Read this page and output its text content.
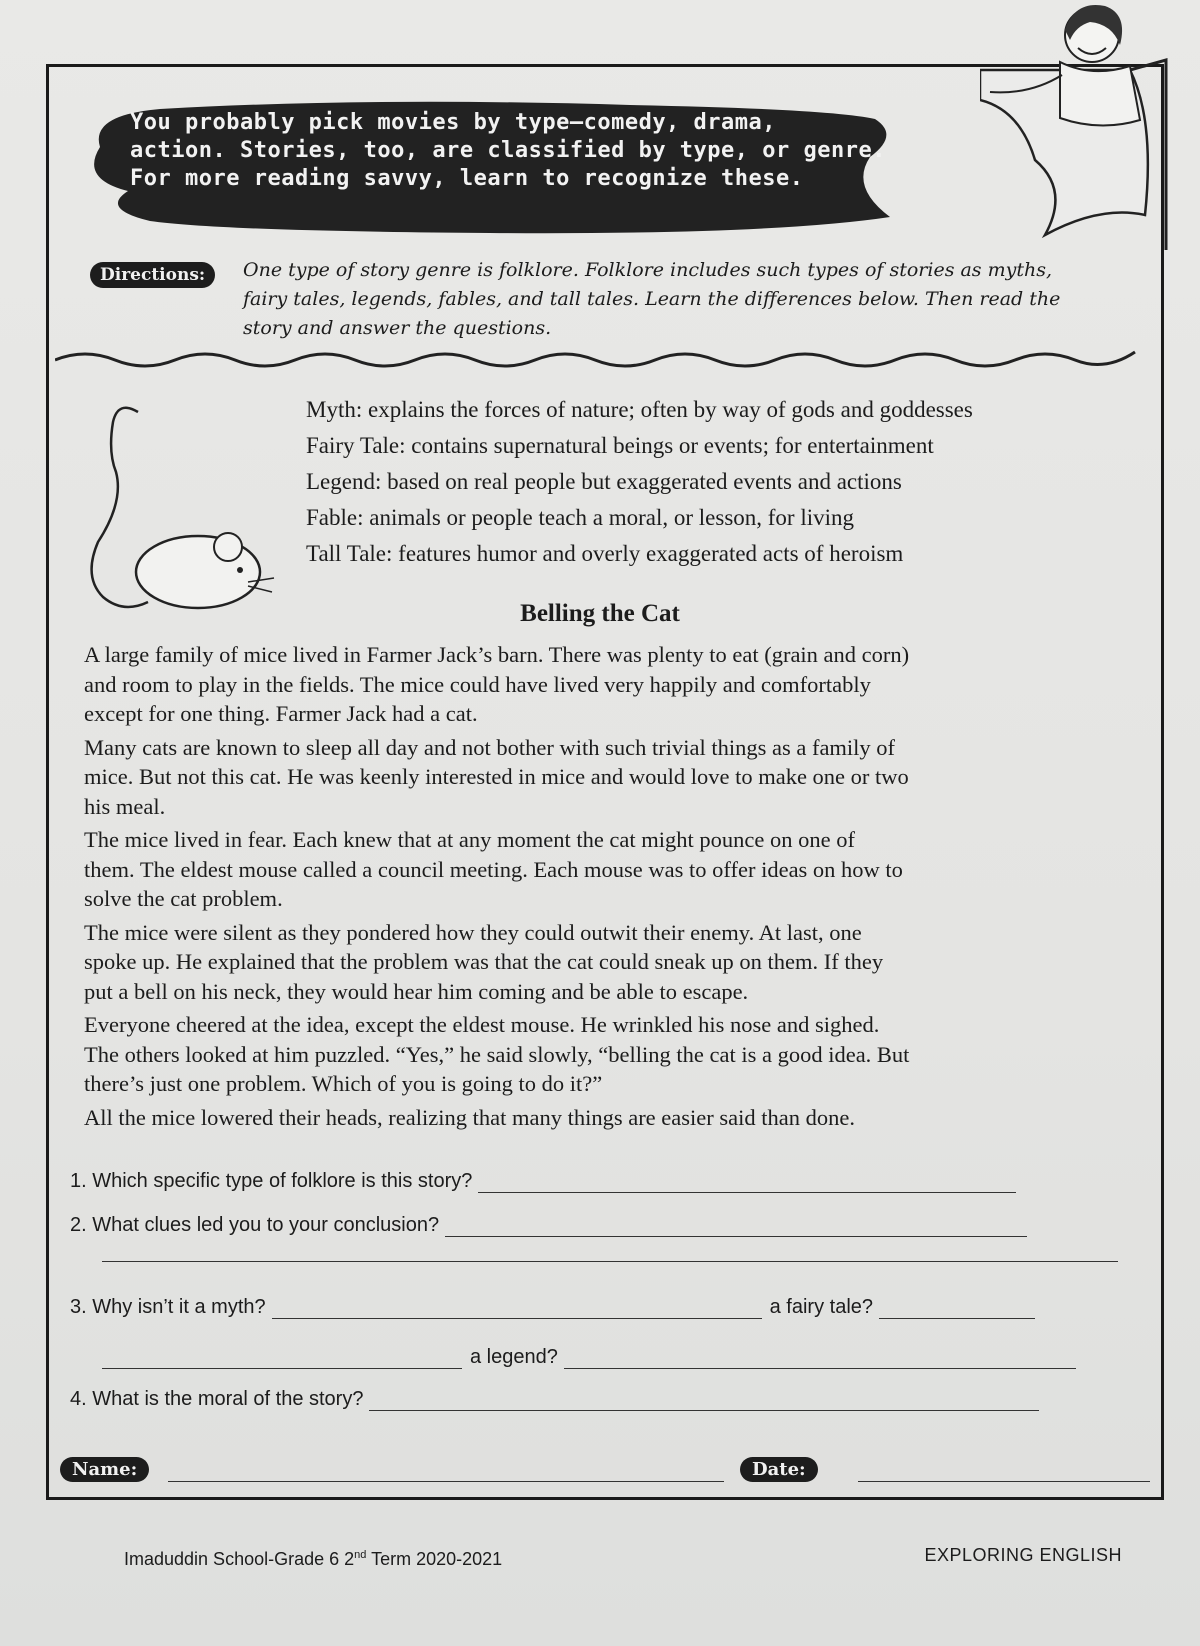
You probably pick movies by type—comedy, drama,
action. Stories, too, are classified by type, or genre.
For more reading savvy, learn to recognize these.
Directions:	One type of story genre is folklore. Folklore includes such types of stories as myths,
fairy tales, legends, fables, and tall tales. Learn the differences below. Then read the
story and answer the questions.
Myth: explains the forces of nature; often by way of gods and goddesses
Fairy Tale: contains supernatural beings or events; for entertainment
Legend: based on real people but exaggerated events and actions
Fable: animals or people teach a moral, or lesson, for living
Tall Tale: features humor and overly exaggerated acts of heroism
Belling the Cat
A large family of mice lived in Farmer Jack’s barn. There was plenty to eat (grain and corn)
and room to play in the fields. The mice could have lived very happily and comfortably
except for one thing. Farmer Jack had a cat.
Many cats are known to sleep all day and not bother with such trivial things as a family of
mice. But not this cat. He was keenly interested in mice and would love to make one or two
his meal.
The mice lived in fear. Each knew that at any moment the cat might pounce on one of
them. The eldest mouse called a council meeting. Each mouse was to offer ideas on how to
solve the cat problem.
The mice were silent as they pondered how they could outwit their enemy. At last, one
spoke up. He explained that the problem was that the cat could sneak up on them. If they
put a bell on his neck, they would hear him coming and be able to escape.
Everyone cheered at the idea, except the eldest mouse. He wrinkled his nose and sighed.
The others looked at him puzzled. “Yes,” he said slowly, “belling the cat is a good idea. But
there’s just one problem. Which of you is going to do it?”
All the mice lowered their heads, realizing that many things are easier said than done.
1. Which specific type of folklore is this story?
2. What clues led you to your conclusion?
3. Why isn’t it a myth?	a fairy tale?
a legend?
4. What is the moral of the story?
Name:	Date:
Imaduddin School-Grade 6 2nd Term 2020-2021	EXPLORING ENGLISH
